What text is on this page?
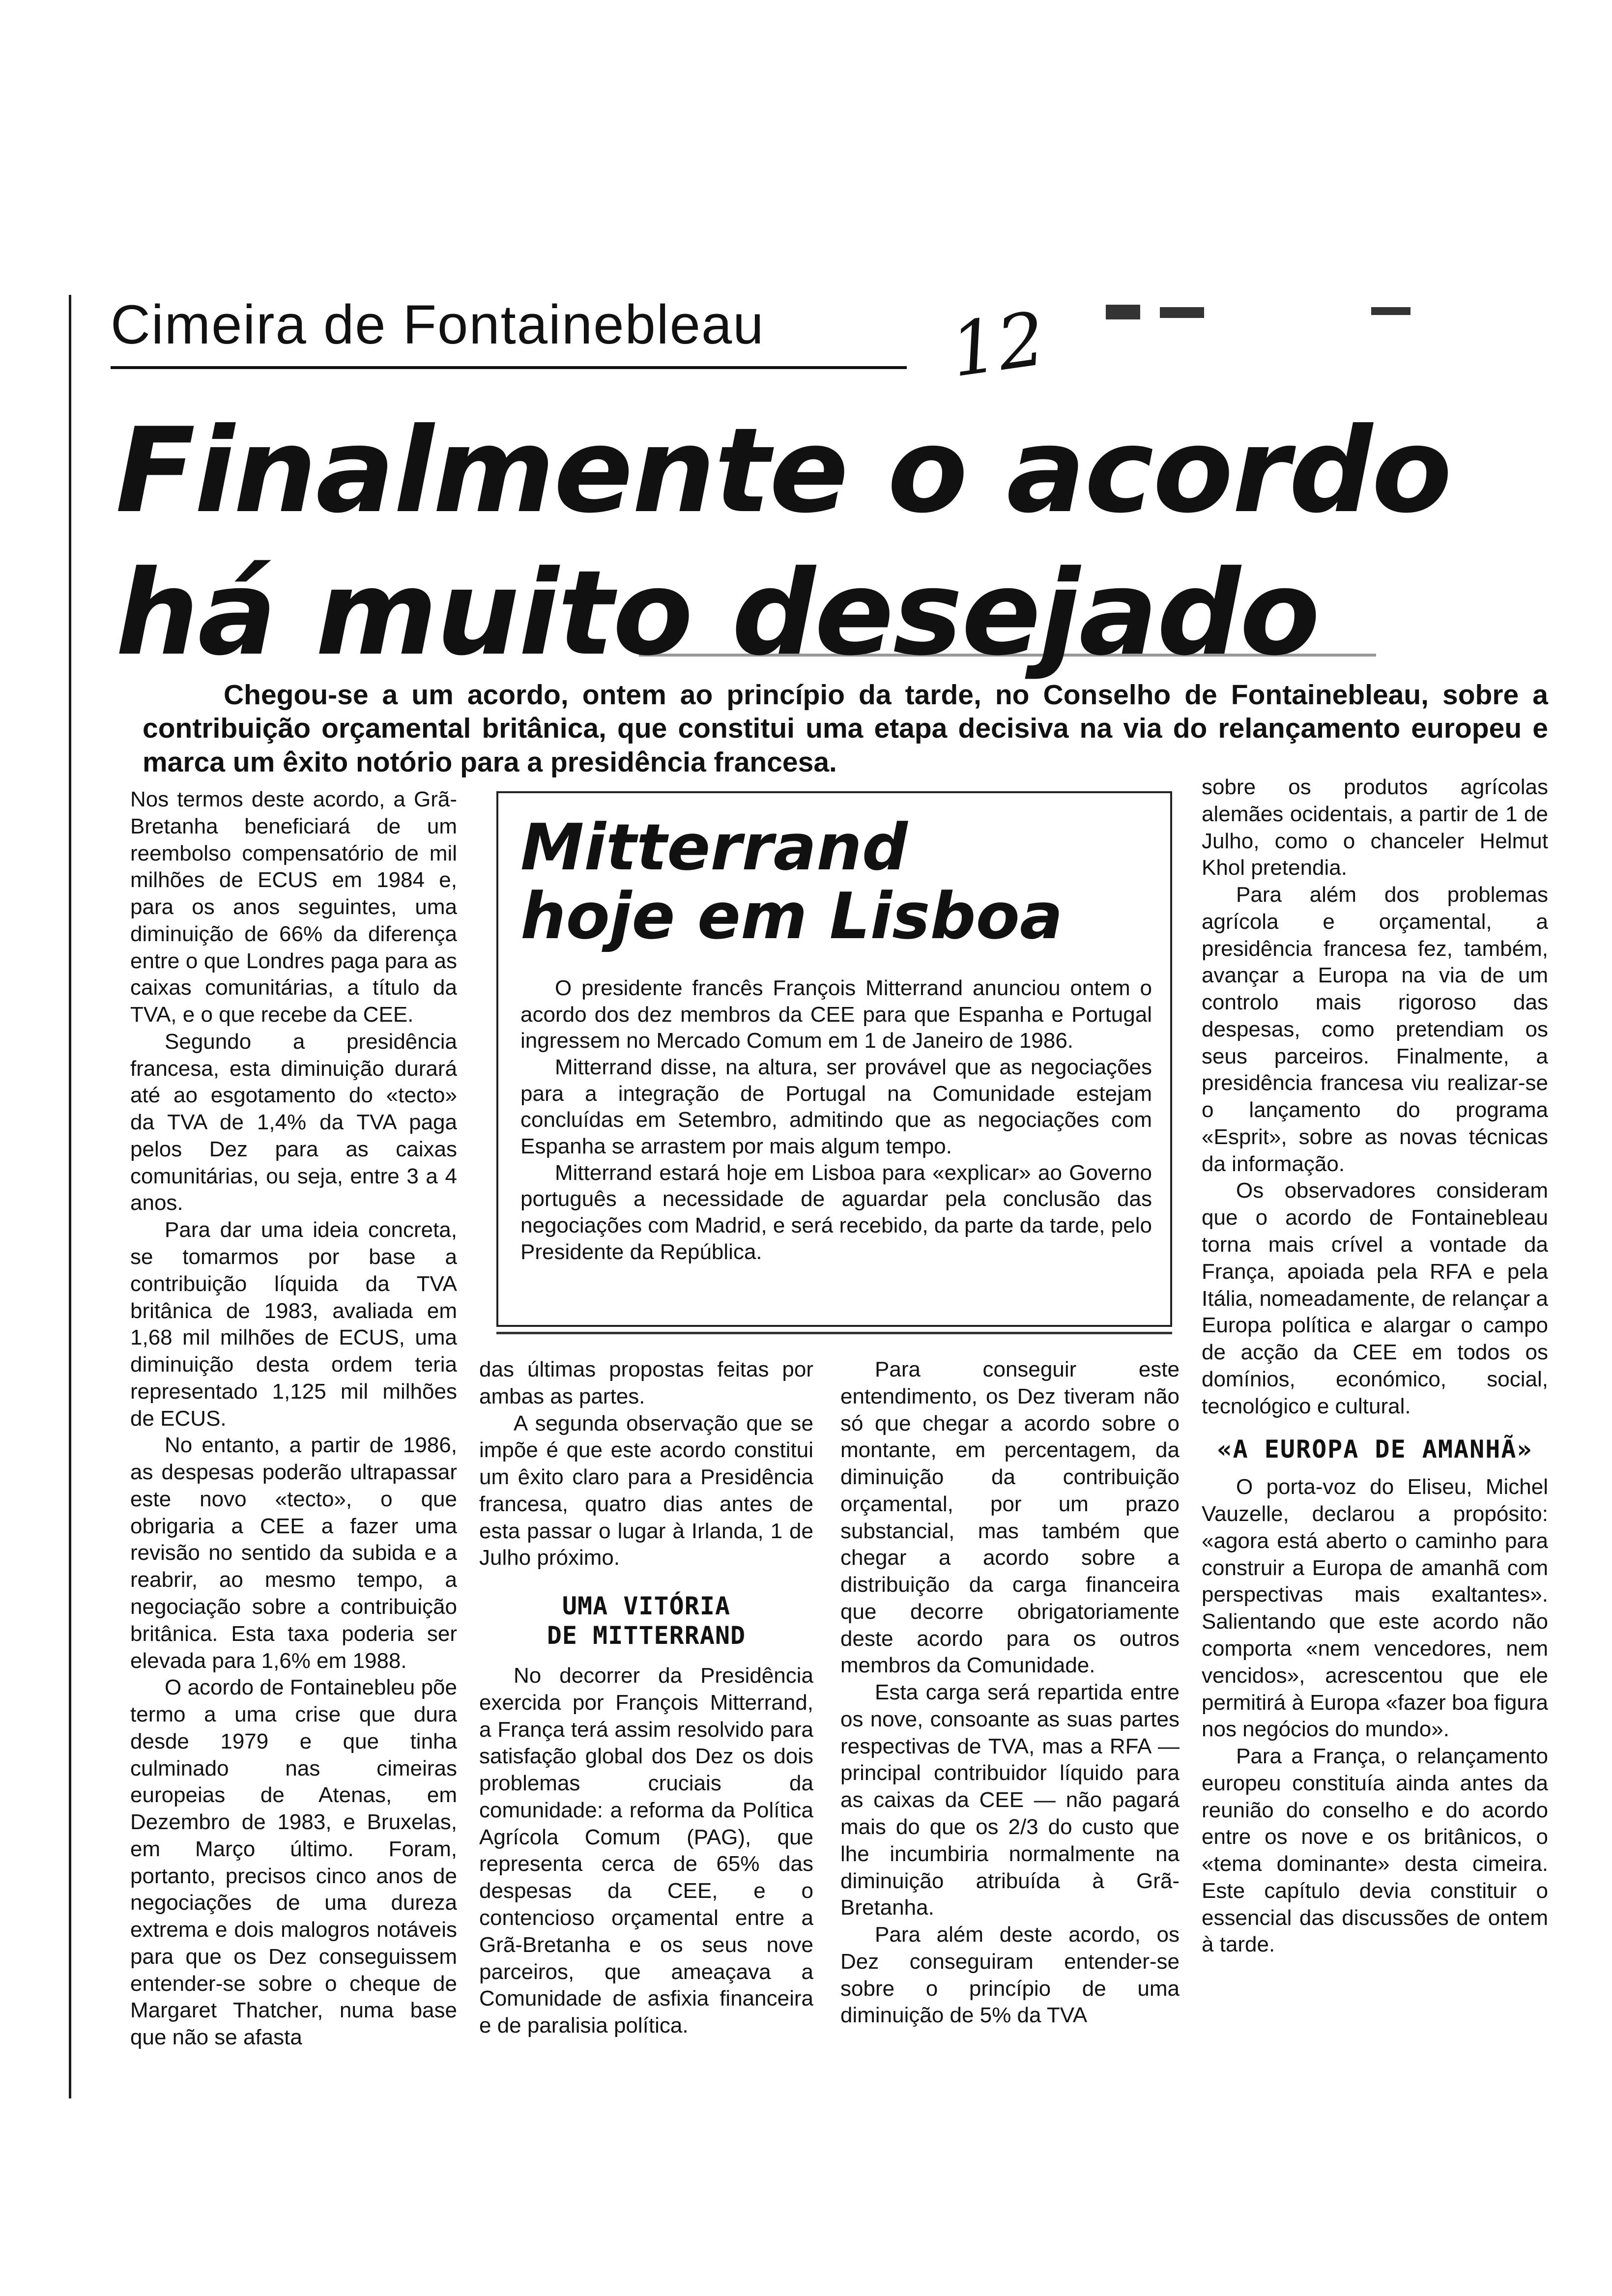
Cimeira de Fontainebleau	12
Finalmente o acordo
há muito desejado
Chegou-se a um acordo, ontem ao princípio da tarde, no Conselho de Fontainebleau, sobre a contribuição orçamental britânica, que constitui uma etapa decisiva na via do relançamento europeu e marca um êxito notório para a presidência francesa.

Nos termos deste acordo, a Grã-Bretanha beneficiará de um reembolso compensatório de mil milhões de ECUS em 1984 e, para os anos seguintes, uma diminuição de 66% da diferença entre o que Londres paga para as caixas comunitárias, a título da TVA, e o que recebe da CEE.

Segundo a presidência francesa, esta diminuição durará até ao esgotamento do «tecto» da TVA de 1,4% da TVA paga pelos Dez para as caixas comunitárias, ou seja, entre 3 a 4 anos.

Para dar uma ideia concreta, se tomarmos por base a contribuição líquida da TVA britânica de 1983, avaliada em 1,68 mil milhões de ECUS, uma diminuição desta ordem teria representado 1,125 mil milhões de ECUS.

No entanto, a partir de 1986, as despesas poderão ultrapassar este novo «tecto», o que obrigaria a CEE a fazer uma revisão no sentido da subida e a reabrir, ao mesmo tempo, a negociação sobre a contribuição britânica. Esta taxa poderia ser elevada para 1,6% em 1988.

O acordo de Fontainebleu põe termo a uma crise que dura desde 1979 e que tinha culminado nas cimeiras europeias de Atenas, em Dezembro de 1983, e Bruxelas, em Março último. Foram, portanto, precisos cinco anos de negociações de uma dureza extrema e dois malogros notáveis para que os Dez conseguissem entender-se sobre o cheque de Margaret Thatcher, numa base que não se afasta

Mitterrand
hoje em Lisboa

O presidente francês François Mitterrand anunciou ontem o acordo dos dez membros da CEE para que Espanha e Portugal ingressem no Mercado Comum em 1 de Janeiro de 1986.

Mitterrand disse, na altura, ser provável que as negociações para a integração de Portugal na Comunidade estejam concluídas em Setembro, admitindo que as negociações com Espanha se arrastem por mais algum tempo.

Mitterrand estará hoje em Lisboa para «explicar» ao Governo português a necessidade de aguardar pela conclusão das negociações com Madrid, e será recebido, da parte da tarde, pelo Presidente da República.

das últimas propostas feitas por ambas as partes.

A segunda observação que se impõe é que este acordo constitui um êxito claro para a Presidência francesa, quatro dias antes de esta passar o lugar à Irlanda, 1 de Julho próximo.

UMA VITÓRIA
DE MITTERRAND

No decorrer da Presidência exercida por François Mitterrand, a França terá assim resolvido para satisfação global dos Dez os dois problemas cruciais da comunidade: a reforma da Política Agrícola Comum (PAG), que representa cerca de 65% das despesas da CEE, e o contencioso orçamental entre a Grã-Bretanha e os seus nove parceiros, que ameaçava a Comunidade de asfixia financeira e de paralisia política.

Para conseguir este entendimento, os Dez tiveram não só que chegar a acordo sobre o montante, em percentagem, da diminuição da contribuição orçamental, por um prazo substancial, mas também que chegar a acordo sobre a distribuição da carga financeira que decorre obrigatoriamente deste acordo para os outros membros da Comunidade.

Esta carga será repartida entre os nove, consoante as suas partes respectivas de TVA, mas a RFA — principal contribuidor líquido para as caixas da CEE — não pagará mais do que os 2/3 do custo que lhe incumbiria normalmente na diminuição atribuída à Grã-Bretanha.

Para além deste acordo, os Dez conseguiram entender-se sobre o princípio de uma diminuição de 5% da TVA

sobre os produtos agrícolas alemães ocidentais, a partir de 1 de Julho, como o chanceler Helmut Khol pretendia.

Para além dos problemas agrícola e orçamental, a presidência francesa fez, também, avançar a Europa na via de um controlo mais rigoroso das despesas, como pretendiam os seus parceiros. Finalmente, a presidência francesa viu realizar-se o lançamento do programa «Esprit», sobre as novas técnicas da informação.

Os observadores consideram que o acordo de Fontainebleau torna mais crível a vontade da França, apoiada pela RFA e pela Itália, nomeadamente, de relançar a Europa política e alargar o campo de acção da CEE em todos os domínios, económico, social, tecnológico e cultural.

«A EUROPA DE AMANHÃ»

O porta-voz do Eliseu, Michel Vauzelle, declarou a propósito: «agora está aberto o caminho para construir a Europa de amanhã com perspectivas mais exaltantes». Salientando que este acordo não comporta «nem vencedores, nem vencidos», acrescentou que ele permitirá à Europa «fazer boa figura nos negócios do mundo».

Para a França, o relançamento europeu constituía ainda antes da reunião do conselho e do acordo entre os nove e os britânicos, o «tema dominante» desta cimeira. Este capítulo devia constituir o essencial das discussões de ontem à tarde.
